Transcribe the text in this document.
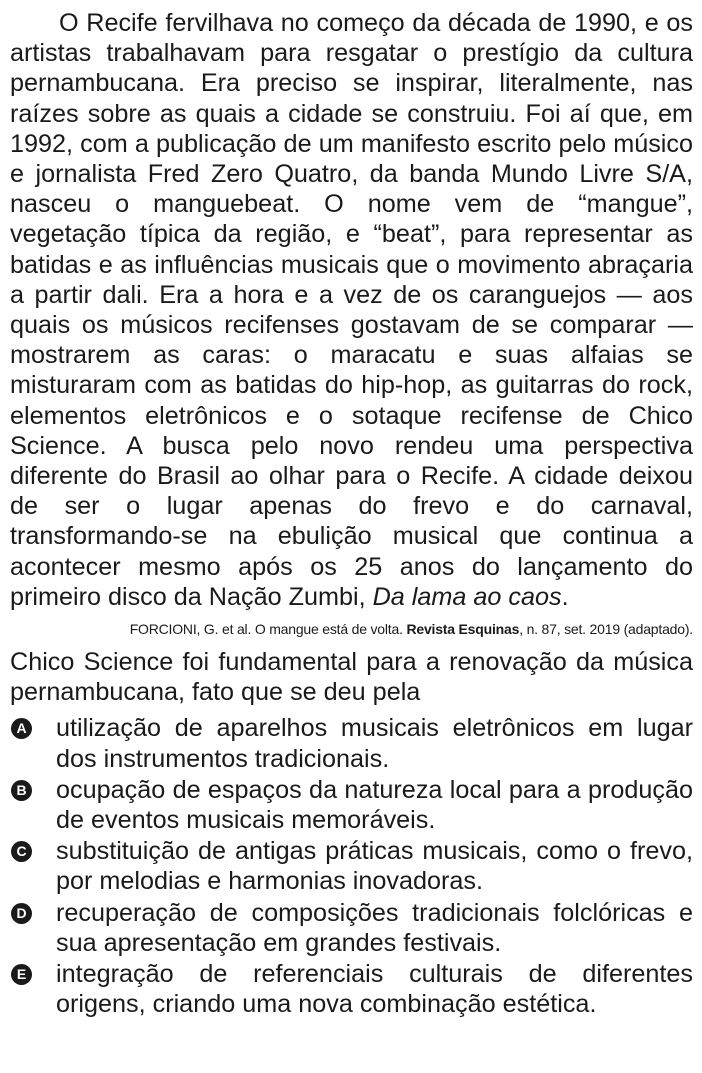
O Recife fervilhava no começo da década de 1990, e os artistas trabalhavam para resgatar o prestígio da cultura pernambucana. Era preciso se inspirar, literalmente, nas raízes sobre as quais a cidade se construiu. Foi aí que, em 1992, com a publicação de um manifesto escrito pelo músico e jornalista Fred Zero Quatro, da banda Mundo Livre S/A, nasceu o manguebeat. O nome vem de “mangue”, vegetação típica da região, e “beat”, para representar as batidas e as influências musicais que o movimento abraçaria a partir dali. Era a hora e a vez de os caranguejos — aos quais os músicos recifenses gostavam de se comparar — mostrarem as caras: o maracatu e suas alfaias se misturaram com as batidas do hip-hop, as guitarras do rock, elementos eletrônicos e o sotaque recifense de Chico Science. A busca pelo novo rendeu uma perspectiva diferente do Brasil ao olhar para o Recife. A cidade deixou de ser o lugar apenas do frevo e do carnaval, transformando-se na ebulição musical que continua a acontecer mesmo após os 25 anos do lançamento do primeiro disco da Nação Zumbi, Da lama ao caos.

FORCIONI, G. et al. O mangue está de volta. Revista Esquinas, n. 87, set. 2019 (adaptado).

Chico Science foi fundamental para a renovação da música pernambucana, fato que se deu pela

A utilização de aparelhos musicais eletrônicos em lugar dos instrumentos tradicionais.
B ocupação de espaços da natureza local para a produção de eventos musicais memoráveis.
C substituição de antigas práticas musicais, como o frevo, por melodias e harmonias inovadoras.
D recuperação de composições tradicionais folclóricas e sua apresentação em grandes festivais.
E integração de referenciais culturais de diferentes origens, criando uma nova combinação estética.
